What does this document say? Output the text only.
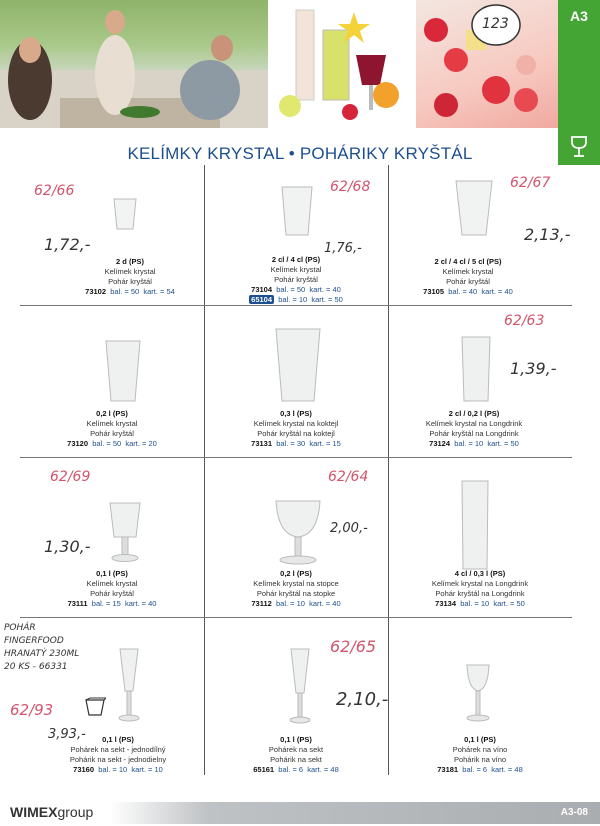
123	A3
KELÍMKY KRYSTAL • POHÁRIKY KRYŠTÁL
62/66
1,72,-
2 d (PS)
Kelímek krystal
Pohár kryštál
73102 bal. = 50 kart. = 54
62/68
1,76,-
2 cl / 4 cl (PS)
Kelímek krystal
Pohár kryštál
73104 bal. = 50 kart. = 40
65104 bal. = 10 kart. = 50
62/67
2,13,-
2 cl / 4 cl / 5 cl (PS)
Kelímek krystal
Pohár kryštál
73105 bal. = 40 kart. = 40
0,2 l (PS)
Kelímek krystal
Pohár kryštál
73120 bal. = 50 kart. = 20
0,3 l (PS)
Kelímek krystal na koktejl
Pohár kryštál na koktejl
73131 bal. = 30 kart. = 15
62/63
1,39,-
2 cl / 0,2 l (PS)
Kelímek krystal na Longdrink
Pohár kryštál na Longdrink
73124 bal. = 10 kart. = 50
62/69
1,30,-
0,1 l (PS)
Kelímek krystal
Pohár kryštál
73111 bal. = 15 kart. = 40
62/64
2,00,-
0,2 l (PS)
Kelímek krystal na stopce
Pohár kryštál na stopke
73112 bal. = 10 kart. = 40
4 cl / 0,3 l (PS)
Kelímek krystal na Longdrink
Pohár kryštál na Longdrink
73134 bal. = 10 kart. = 50
62/93
3,93,-	0,1 l (PS)
Pohárek na sekt - jednodílný
Pohárik na sekt - jednodielny
73160 bal. = 10 kart. = 10
62/65
2,10,-
0,1 l (PS)
Pohárek na sekt
Pohárik na sekt
65161 bal. = 6 kart. = 48
0,1 l (PS)
Pohárek na víno
Pohárik na víno
73181 bal. = 6 kart. = 48
POHÁR
FINGERFOOD
HRANATÝ 230ML
20 KS - 66331
WIMEXgroup	A3-08
